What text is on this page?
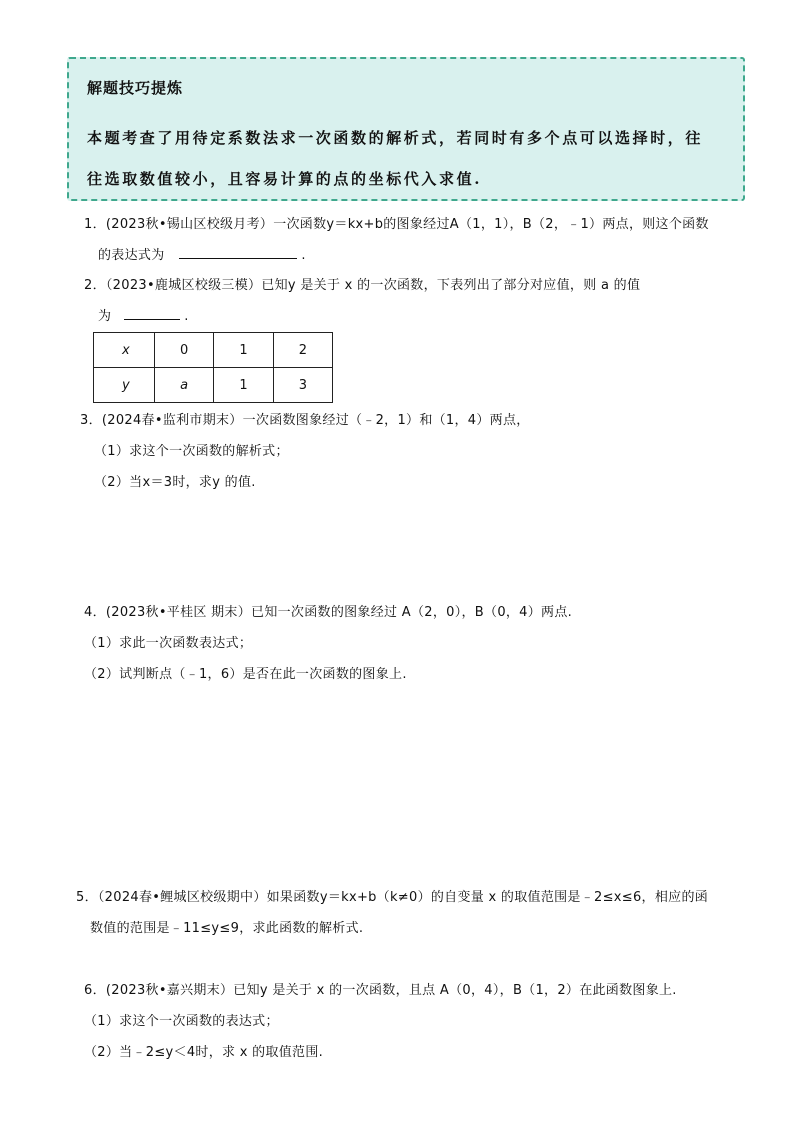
解题技巧提炼
本题考查了用待定系数法求一次函数的解析式，若同时有多个点可以选择时，往
往选取数值较小，且容易计算的点的坐标代入求值.
1．(2023秋•锡山区校级月考）一次函数y＝kx+b的图象经过A（1，1），B（2，﹣1）两点，则这个函数
的表达式为	.
2．（2023•鹿城区校级三模）已知y 是关于 x 的一次函数，下表列出了部分对应值，则 a 的值
为	.
x	0	1	2
y	a	1	3
3．(2024春•监利市期末）一次函数图象经过（﹣2，1）和（1，4）两点，
（1）求这个一次函数的解析式；
（2）当x＝3时，求y 的值.
4．(2023秋•平桂区 期末）已知一次函数的图象经过 A（2，0），B（0，4）两点.
（1）求此一次函数表达式；
（2）试判断点（﹣1，6）是否在此一次函数的图象上.
5．（2024春•鲤城区校级期中）如果函数y＝kx+b（k≠0）的自变量 x 的取值范围是﹣2≤x≤6，相应的函
数值的范围是﹣11≤y≤9，求此函数的解析式.
6．(2023秋•嘉兴期末）已知y 是关于 x 的一次函数，且点 A（0，4），B（1，2）在此函数图象上.
（1）求这个一次函数的表达式；
（2）当﹣2≤y＜4时，求 x 的取值范围.
